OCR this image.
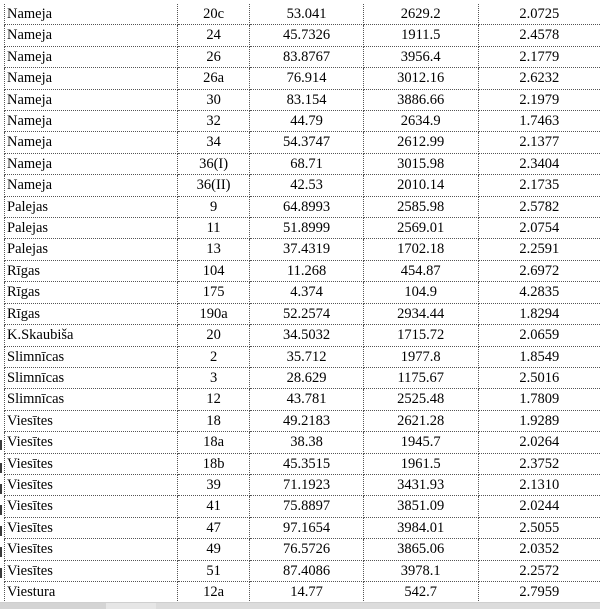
Nameja	20c	53.041	2629.2	2.0725
Nameja	24	45.7326	1911.5	2.4578
Nameja	26	83.8767	3956.4	2.1779
Nameja	26a	76.914	3012.16	2.6232
Nameja	30	83.154	3886.66	2.1979
Nameja	32	44.79	2634.9	1.7463
Nameja	34	54.3747	2612.99	2.1377
Nameja	36(I)	68.71	3015.98	2.3404
Nameja	36(II)	42.53	2010.14	2.1735
Palejas	9	64.8993	2585.98	2.5782
Palejas	11	51.8999	2569.01	2.0754
Palejas	13	37.4319	1702.18	2.2591
Rīgas	104	11.268	454.87	2.6972
Rīgas	175	4.374	104.9	4.2835
Rīgas	190a	52.2574	2934.44	1.8294
K.Skaubiša	20	34.5032	1715.72	2.0659
Slimnīcas	2	35.712	1977.8	1.8549
Slimnīcas	3	28.629	1175.67	2.5016
Slimnīcas	12	43.781	2525.48	1.7809
Viesītes	18	49.2183	2621.28	1.9289
Viesītes	18a	38.38	1945.7	2.0264
Viesītes	18b	45.3515	1961.5	2.3752
Viesītes	39	71.1923	3431.93	2.1310
Viesītes	41	75.8897	3851.09	2.0244
Viesītes	47	97.1654	3984.01	2.5055
Viesītes	49	76.5726	3865.06	2.0352
Viesītes	51	87.4086	3978.1	2.2572
Viestura	12a	14.77	542.7	2.7959
